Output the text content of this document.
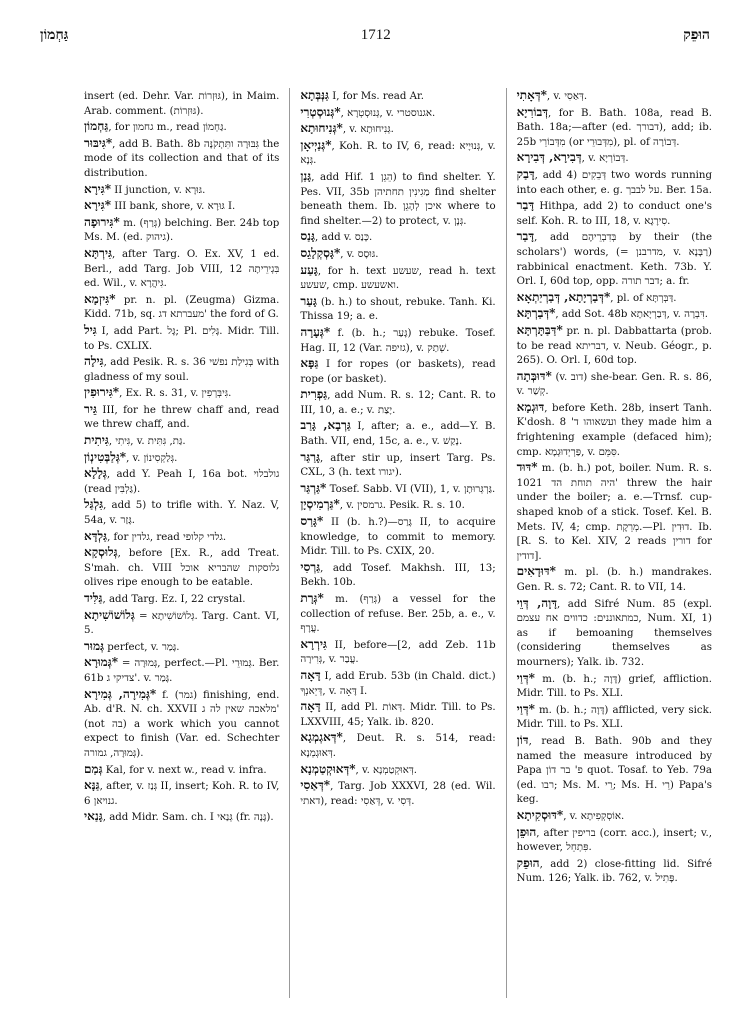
גַּחְמוֹן	1712	הוּפֵק

insert (ed. Dehr. Var. גּוּזְרוֹת), in Maim. Arab. comment. (גּוּזְרוֹת).

גַּחְמוֹן, for גחמון m., read גַּחְמוֹן.

*גִּיבּוּר, add B. Bath. 8b גִּבּוּרָה ותִּתְקֹנָּה the mode of its collection and that of its distribution.

*גִּירָא II junction, v. גּוּרָא.

*גִּירָא III bank, shore, v. גּוּרָא I.

*גִּירוּפָה m. (גְּרַף) belching. Ber. 24b top Ms. M. (ed. גיהוק).

גִּירְתָּא, after Targ. O. Ex. XV, 1 ed. Berl., add Targ. Job VIII, 12 בִּגְירֵיתָה ed. Wil., v. גִּיהֲרָא.

*גִּיזְמָא pr. n. pl. (Zeugma) Gizma. Kidd. 71b, sq. מעברתא דג' the ford of G.

גִּיל I, add Part. גָּל; Pl. גָּלִים. Midr. Till. to Ps. CXLIX.

גִּילָה, add Pesik. R. s. 36 בְּגִילַת נפשׁי with gladness of my soul.

*גִּירוּפִין, Ex. R. s. 31, v. גִּיבְּרְפִין.

גֵּיר III, for he threw chaff and, read we threw chaff, and.

גִּיתִית, גִּיתִי, v. גַּת, גִּתִּית.

*גְּלַבְּטִינְוֹן, v. גְּלַקְסִינוֹן.

גְּלָלָא, add Y. Peah I, 16a bot. גולבלוי (read גַּלְבִּין).

גִּלְגַּל, add 5) to trifle with. Y. Naz. V, 54a, v. גָּזַר.

גַּלְדָּא, for גלדין, read גלדי קלופי.

גְּלוּסְקָא, before [Ex. R., add Treat. S'mah. ch. VIII גלוסקות שהבריא אוכל olives ripe enough to be eatable.

גַּלִּיד, add Targ. Ez. I, 22 crystal.

גְּלוֹשׁוֹשִׁיתָא = גְּלוֹשׁוֹשִׁיתָא. Targ. Cant. VI, 5.

גְּמוּר perfect, v. גָּמַר.

*גְּמוּרָא = גְּמוּרָה, perfect.—Pl. גְּמוּרֵי. Ber. 61b צדיקי ג'. v. גָּמַר.

*גְּמִירָה, גְּמִירָא f. (גמר) finishing, end. Ab. d'R. N. ch. XXVII מלאכה שאין לה ג' (not בה) a work which you cannot expect to finish (Var. ed. Schechter גְּמוּרָה, גמורה).

גְּמַם Kal, for v. next w., read v. infra.

גַּנָּא, after, v. גְּנַז II, insert; Koh. R. to IV, 6 גנויאן.

גָּנַאי, add Midr. Sam. ch. I גְּנַאי (fr. גָּנָה).

גַּנְּבְּתָא I, for Ms. read Ar.

*גְּנוּסְטְרִי, גְּנוּסְטְרָא, v. אגנוסטרי.

*גְּנִיחוּתָא, v. גְּנִיחוּתָא.

*גְּנַיְיאָן, Koh. R. to IV, 6, read: גְּנוּיָיא, v. גְּנָא.

גָּנַן, add Hif. הֵגֵן 1) to find shelter. Y. Pes. VII, 35b מַגִינִין תחתיהן find shelter beneath them. Ib. איכן לְהָגֵן where to find shelter.—2) to protect, v. גְּנָן.

גָּנַס, add v. כָּנַס.

*גָּסְקְלָגֵס, v. גּוּסָס.

גָּעַע, for h. text שעשע, read h. text שעשע, cmp. ואשעשע.

גָּעַר (b. h.) to shout, rebuke. Tanh. Ki. Thissa 19; a. e.

*גְּעָרָה f. (b. h.; גָּעַר) rebuke. Tosef. Hag. II, 12 (Var. גזיפה), v. שְׁתַק.

גַּפָּא I for ropes (or baskets), read rope (or basket).

גַּפְרִית, add Num. R. s. 12; Cant. R. to III, 10, a. e.; v. יָצַת.

גַּרְבָא, גָּרַב I, after; a. e., add—Y. B. Bath. VII, end, 15c, a. e., v. נָקַשׁ.

גָּרַגַּר, after stir up, insert Targ. Ps. CXL, 3 (h. text יגורו).

*גַּרְגַּר Tosef. Sabb. VI (VII), 1, v. גַּרְגְּרוּתָן.

*גַּרְמִיסְיָן, v. גרמסין. Pesik. R. s. 10.

*גָּרַס II (b. h.?)—גָּרַס II, to acquire knowledge, to commit to memory. Midr. Till. to Ps. CXIX, 20.

גַּרְסִי, add Tosef. Makhsh. III, 13; Bekh. 10b.

*גְּרָת m. (גְּרַף) a vessel for the collection of refuse. Ber. 25b, a. e., v. עֲרָף.

גִּירְרָא II, before—[2, add Zeb. 11b גְּרִירָה, v. עֲבַר.

דָּאָה I, add Erub. 53b (in Chald. dict.) דְּיֵאנְךָ, v. דָּאָה I.

דָּאָה II, add Pl. דְּאוֹת. Midr. Till. to Ps. LXXVIII, 45; Yalk. ib. 820.

*דְּאגְמְגָא, Deut. R. s. 514, read: דְּאוּגְמְנָא.

*דְּאוּקְטַמְנָא, v. דְּאוּקְטַמְנָא.

*דְּאַסִי, Targ. Job XXXVI, 28 (ed. Wil. דאתי), read: דְּאַסִי, v. דְּסִי.

*דְּאָתִי, v. דְּאַסִי.

דְּבוֹרִיָא, for B. Bath. 108a, read B. Bath. 18a;—after (ed. דבורך), add; ib. 25b מִדְּבוֹרֵי (or מִדְּבוּרֵי), pl. of דְּבוֹרָה.

דְּבִירָא, דְּבִירָא, v. דְּבוֹרְיָא.

דָּבַק, add 4) דְּבֵקִים two words running into each other, e. g. על לבבך. Ber. 15a.

דָּבַר Hithpa, add 2) to conduct one's self. Koh. R. to III, 18, v. סִירָגָא.

דָּבַר, add בְּדִבְרֵיהֶם by their (the scholars') words, (= מדרבנן, v. רַבָּנָא) rabbinical enactment. Keth. 73b. Y. Orl. I, 60d top, opp. דבר תורה; a. fr.

*דְּבַרְיָתָא, דְּבַרְיַתְאָא, pl. of דַּבְּרְתָּא.

*דְּבַרְתָּא, add Sot. 48b דְּבַרְיָאתָא, v. דִּבְרָה.

*דַּבַּתָּרְתָּא pr. n. pl. Dabbattarta (prob. to be read דבריתא, v. Neub. Géogr., p. 265). O. Orl. I, 60d top.

*דּוּבְּתָה (v. דוב) she-bear. Gen. R. s. 86, v. קְשַׁר.

דּוּגְמָא, before Keth. 28b, insert Tanh. K'dosh. 8 'ועשאוהו ד they made him a frightening example (defaced him); cmp. פַּרְיְדוּגְמָא, v. סִּמֵּם.

*דּוּד m. (b. h.) pot, boiler. Num. R. s. 1021 היה תוחת הד' threw the hair under the boiler; a. e.—Trnsf. cup-shaped knob of a stick. Tosef. Kel. B. Mets. IV, 4; cmp. מְרֵקֶת.—Pl. דוּדִין. Ib. [R. S. to Kel. XIV, 2 reads דורין for דודין].

*דּוּדָאִים m. pl. (b. h.) mandrakes. Gen. R. s. 72; Cant. R. to VII, 14.

דָּוָה, דְּוֵי, add Sifré Num. 85 (expl. כמתאוננים: כדווים אח עצמם, Num. XI, 1) as if bemoaning themselves (considering themselves as mourners); Yalk. ib. 732.

*דְּוַי m. (b. h.; דָּוָה) grief, affliction. Midr. Till. to Ps. XLI.

*דְּוַי m. (b. h.; דָּוָה) afflicted, very sick. Midr. Till. to Ps. XLI.

דּוֹן, read B. Bath. 90b and they named the measure introduced by Papa פ' בר דוֹן quot. Tosaf. to Yeb. 79a (ed. רבו; Ms. M. רֵי; Ms. H. רֵי) Papa's keg.

*דּוּסְקִיתָא, v. אוֹסְקְפִיתָא.

הוּפֵן, after בריפין (corr. acc.), insert; v., however, פִּתְחֵל.

הוּפֵק, add 2) close-fitting lid. Sifré Num. 126; Yalk. ib. 762, v. פָּתִיל.
